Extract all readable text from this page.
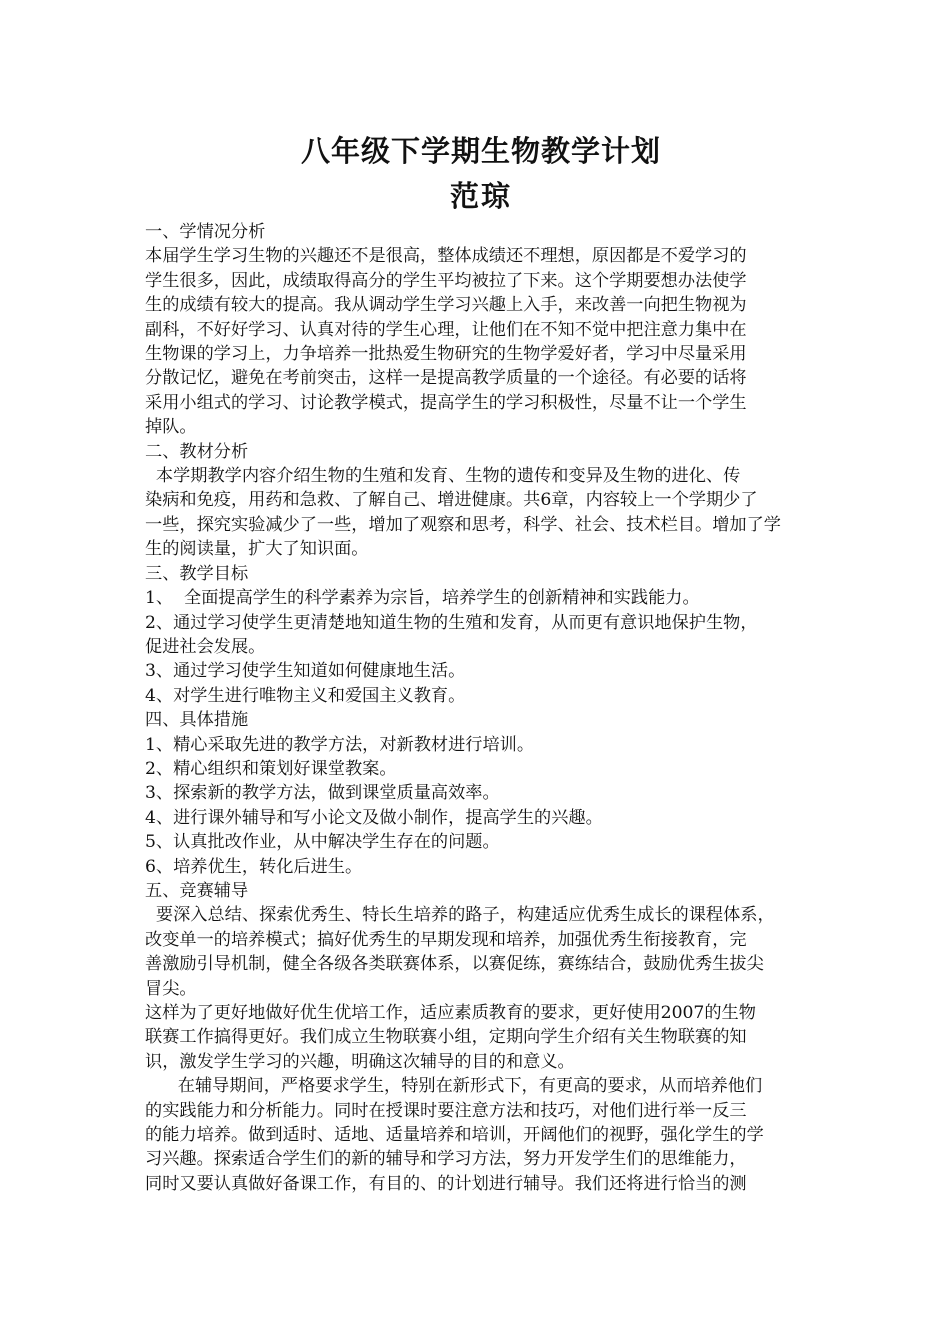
八年级下学期生物教学计划
范琼
一、学情况分析
本届学生学习生物的兴趣还不是很高，整体成绩还不理想，原因都是不爱学习的
学生很多，因此，成绩取得高分的学生平均被拉了下来。这个学期要想办法使学
生的成绩有较大的提高。我从调动学生学习兴趣上入手，来改善一向把生物视为
副科，不好好学习、认真对待的学生心理，让他们在不知不觉中把注意力集中在
生物课的学习上，力争培养一批热爱生物研究的生物学爱好者，学习中尽量采用
分散记忆，避免在考前突击，这样一是提高教学质量的一个途径。有必要的话将
采用小组式的学习、讨论教学模式，提高学生的学习积极性，尽量不让一个学生
掉队。
二、教材分析
本学期教学内容介绍生物的生殖和发育、生物的遗传和变异及生物的进化、传
染病和免疫，用药和急救、了解自己、增进健康。共6章，内容较上一个学期少了
一些，探究实验减少了一些，增加了观察和思考，科学、社会、技术栏目。增加了学
生的阅读量，扩大了知识面。
三、教学目标
1、  全面提高学生的科学素养为宗旨，培养学生的创新精神和实践能力。
2、通过学习使学生更清楚地知道生物的生殖和发育，从而更有意识地保护生物，
促进社会发展。
3、通过学习使学生知道如何健康地生活。
4、对学生进行唯物主义和爱国主义教育。
四、具体措施
1、精心采取先进的教学方法，对新教材进行培训。
2、精心组织和策划好课堂教案。
3、探索新的教学方法，做到课堂质量高效率。
4、进行课外辅导和写小论文及做小制作，提高学生的兴趣。
5、认真批改作业，从中解决学生存在的问题。
6、培养优生，转化后进生。
五、竞赛辅导
要深入总结、探索优秀生、特长生培养的路子，构建适应优秀生成长的课程体系，
改变单一的培养模式；搞好优秀生的早期发现和培养，加强优秀生衔接教育，完
善激励引导机制，健全各级各类联赛体系，以赛促练，赛练结合，鼓励优秀生拔尖
冒尖。
这样为了更好地做好优生优培工作，适应素质教育的要求，更好使用2007的生物
联赛工作搞得更好。我们成立生物联赛小组，定期向学生介绍有关生物联赛的知
识，激发学生学习的兴趣，明确这次辅导的目的和意义。
在辅导期间，严格要求学生，特别在新形式下，有更高的要求，从而培养他们
的实践能力和分析能力。同时在授课时要注意方法和技巧，对他们进行举一反三
的能力培养。做到适时、适地、适量培养和培训，开阔他们的视野，强化学生的学
习兴趣。探索适合学生们的新的辅导和学习方法，努力开发学生们的思维能力，
同时又要认真做好备课工作，有目的、的计划进行辅导。我们还将进行恰当的测
